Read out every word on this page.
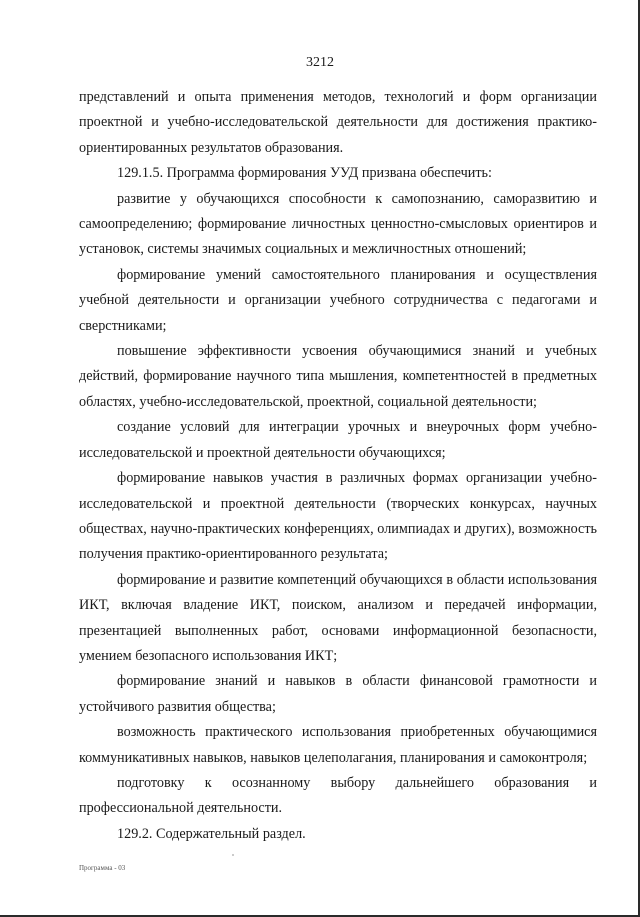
3212

представлений и опыта применения методов, технологий и форм организации проектной и учебно-исследовательской деятельности для достижения практико-ориентированных результатов образования.

129.1.5. Программа формирования УУД призвана обеспечить:

развитие у обучающихся способности к самопознанию, саморазвитию и самоопределению; формирование личностных ценностно-смысловых ориентиров и установок, системы значимых социальных и межличностных отношений;

формирование умений самостоятельного планирования и осуществления учебной деятельности и организации учебного сотрудничества с педагогами и сверстниками;

повышение эффективности усвоения обучающимися знаний и учебных действий, формирование научного типа мышления, компетентностей в предметных областях, учебно-исследовательской, проектной, социальной деятельности;

создание условий для интеграции урочных и внеурочных форм учебно-исследовательской и проектной деятельности обучающихся;

формирование навыков участия в различных формах организации учебно-исследовательской и проектной деятельности (творческих конкурсах, научных обществах, научно-практических конференциях, олимпиадах и других), возможность получения практико-ориентированного результата;

формирование и развитие компетенций обучающихся в области использования ИКТ, включая владение ИКТ, поиском, анализом и передачей информации, презентацией выполненных работ, основами информационной безопасности, умением безопасного использования ИКТ;

формирование знаний и навыков в области финансовой грамотности и устойчивого развития общества;

возможность практического использования приобретенных обучающимися коммуникативных навыков, навыков целеполагания, планирования и самоконтроля;

подготовку к осознанному выбору дальнейшего образования и профессиональной деятельности.

129.2. Содержательный раздел.

Программа - 03
